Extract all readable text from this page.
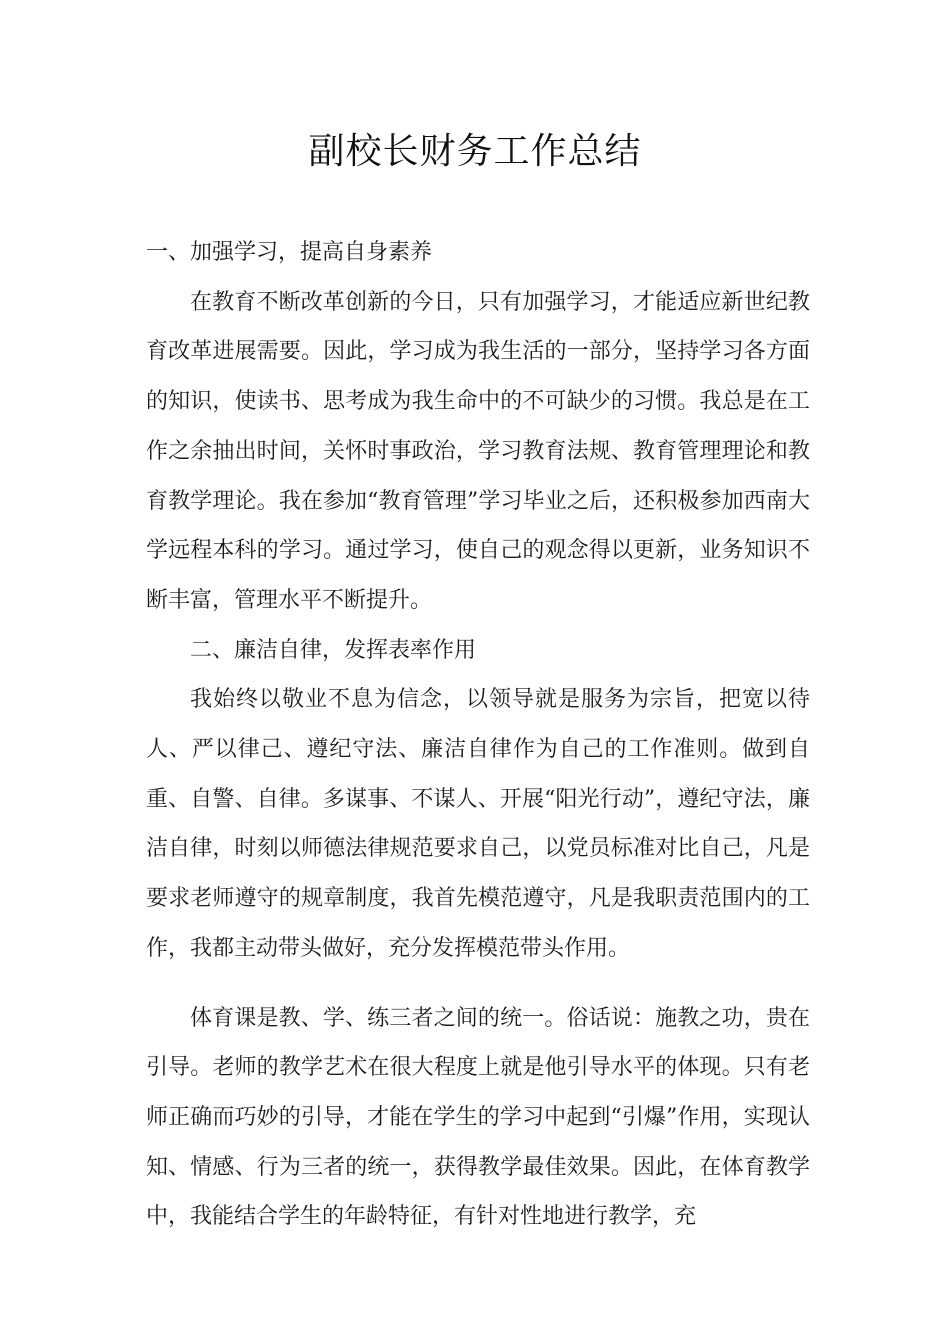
副校长财务工作总结

一、加强学习，提高自身素养

在教育不断改革创新的今日，只有加强学习，才能适应新世纪教育改革进展需要。因此，学习成为我生活的一部分，坚持学习各方面的知识，使读书、思考成为我生命中的不可缺少的习惯。我总是在工作之余抽出时间，关怀时事政治，学习教育法规、教育管理理论和教育教学理论。我在参加“教育管理”学习毕业之后，还积极参加西南大学远程本科的学习。通过学习，使自己的观念得以更新，业务知识不断丰富，管理水平不断提升。

二、廉洁自律，发挥表率作用

我始终以敬业不息为信念，以领导就是服务为宗旨，把宽以待人、严以律己、遵纪守法、廉洁自律作为自己的工作准则。做到自重、自警、自律。多谋事、不谋人、开展“阳光行动”，遵纪守法，廉洁自律，时刻以师德法律规范要求自己，以党员标准对比自己，凡是要求老师遵守的规章制度，我首先模范遵守，凡是我职责范围内的工作，我都主动带头做好，充分发挥模范带头作用。

体育课是教、学、练三者之间的统一。俗话说：施教之功，贵在引导。老师的教学艺术在很大程度上就是他引导水平的体现。只有老师正确而巧妙的引导，才能在学生的学习中起到“引爆”作用，实现认知、情感、行为三者的统一，获得教学最佳效果。因此，在体育教学中，我能结合学生的年龄特征，有针对性地进行教学，充
